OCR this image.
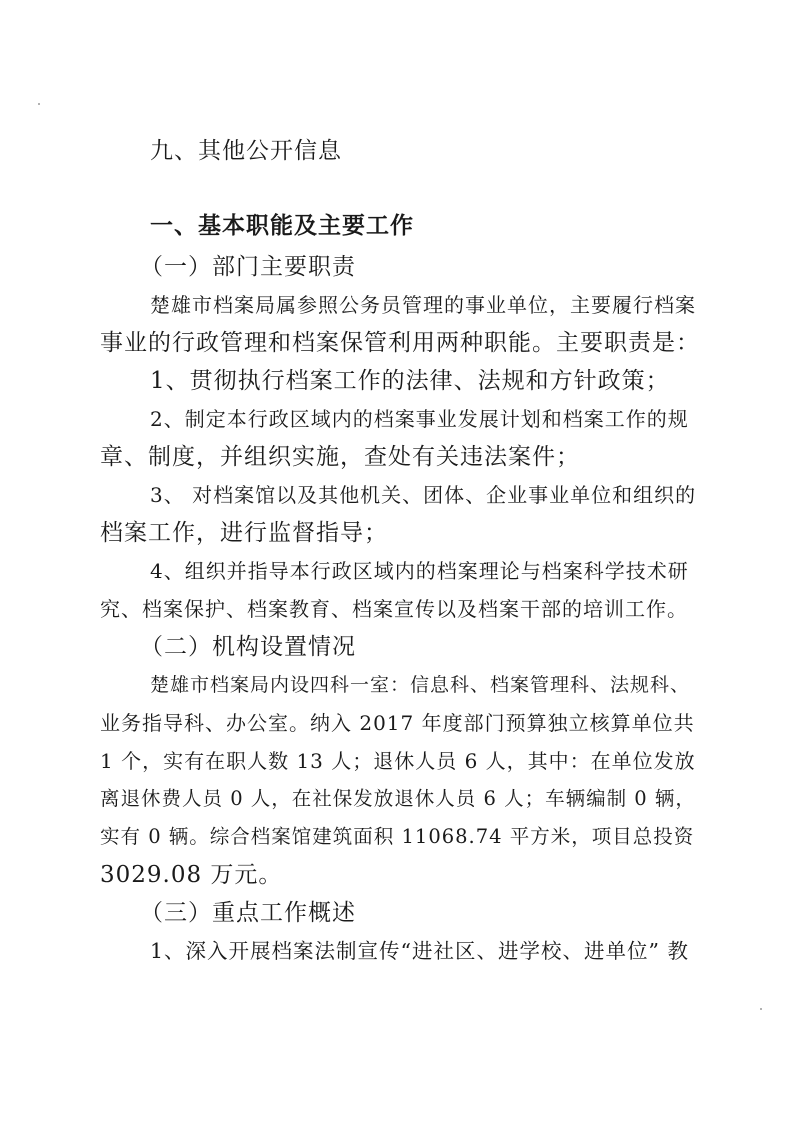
九、其他公开信息
一、基本职能及主要工作
（一）部门主要职责
楚雄市档案局属参照公务员管理的事业单位，主要履行档案
事业的行政管理和档案保管利用两种职能。主要职责是：
1、贯彻执行档案工作的法律、法规和方针政策；
2、制定本行政区域内的档案事业发展计划和档案工作的规
章、制度，并组织实施，查处有关违法案件；
3、 对档案馆以及其他机关、团体、企业事业单位和组织的
档案工作，进行监督指导；
4、组织并指导本行政区域内的档案理论与档案科学技术研
究、档案保护、档案教育、档案宣传以及档案干部的培训工作。
（二）机构设置情况
楚雄市档案局内设四科一室：信息科、档案管理科、法规科、
业务指导科、办公室。纳入 2017 年度部门预算独立核算单位共
1 个，实有在职人数 13 人；退休人员 6 人，其中：在单位发放
离退休费人员 0 人，在社保发放退休人员 6 人；车辆编制 0 辆，
实有 0 辆。综合档案馆建筑面积 11068.74 平方米，项目总投资
3029.08 万元。
（三）重点工作概述
1、深入开展档案法制宣传“进社区、进学校、进单位” 教
